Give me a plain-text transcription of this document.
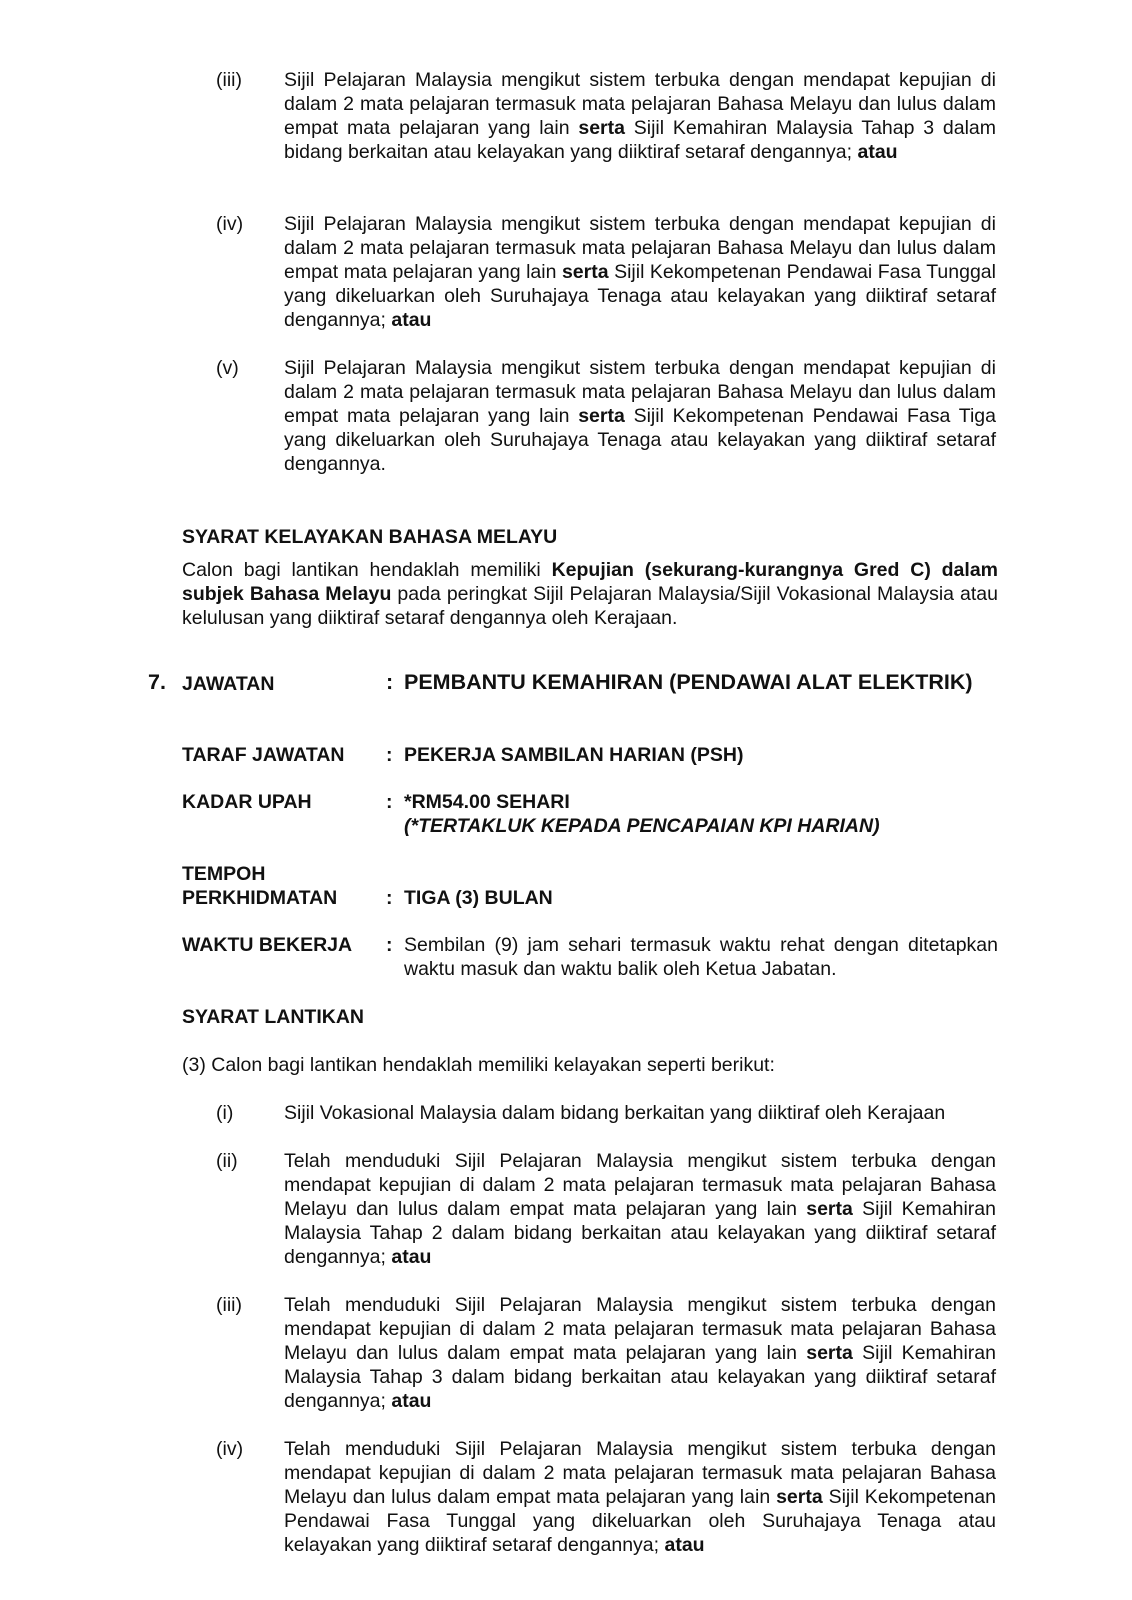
(iii) Sijil Pelajaran Malaysia mengikut sistem terbuka dengan mendapat kepujian di dalam 2 mata pelajaran termasuk mata pelajaran Bahasa Melayu dan lulus dalam empat mata pelajaran yang lain serta Sijil Kemahiran Malaysia Tahap 3 dalam bidang berkaitan atau kelayakan yang diiktiraf setaraf dengannya; atau

(iv) Sijil Pelajaran Malaysia mengikut sistem terbuka dengan mendapat kepujian di dalam 2 mata pelajaran termasuk mata pelajaran Bahasa Melayu dan lulus dalam empat mata pelajaran yang lain serta Sijil Kekompetenan Pendawai Fasa Tunggal yang dikeluarkan oleh Suruhajaya Tenaga atau kelayakan yang diiktiraf setaraf dengannya; atau

(v) Sijil Pelajaran Malaysia mengikut sistem terbuka dengan mendapat kepujian di dalam 2 mata pelajaran termasuk mata pelajaran Bahasa Melayu dan lulus dalam empat mata pelajaran yang lain serta Sijil Kekompetenan Pendawai Fasa Tiga yang dikeluarkan oleh Suruhajaya Tenaga atau kelayakan yang diiktiraf setaraf dengannya.

SYARAT KELAYAKAN BAHASA MELAYU

Calon bagi lantikan hendaklah memiliki Kepujian (sekurang-kurangnya Gred C) dalam subjek Bahasa Melayu pada peringkat Sijil Pelajaran Malaysia/Sijil Vokasional Malaysia atau kelulusan yang diiktiraf setaraf dengannya oleh Kerajaan.

7. JAWATAN	: PEMBANTU KEMAHIRAN (PENDAWAI ALAT ELEKTRIK)
TARAF JAWATAN : PEKERJA SAMBILAN HARIAN (PSH)
KADAR UPAH	: *RM54.00 SEHARI
(*TERTAKLUK KEPADA PENCAPAIAN KPI HARIAN)
TEMPOH
PERKHIDMATAN : TIGA (3) BULAN
WAKTU BEKERJA : Sembilan (9) jam sehari termasuk waktu rehat dengan ditetapkan waktu masuk dan waktu balik oleh Ketua Jabatan.

SYARAT LANTIKAN

(3) Calon bagi lantikan hendaklah memiliki kelayakan seperti berikut:

(i)	Sijil Vokasional Malaysia dalam bidang berkaitan yang diiktiraf oleh Kerajaan

(ii) Telah menduduki Sijil Pelajaran Malaysia mengikut sistem terbuka dengan mendapat kepujian di dalam 2 mata pelajaran termasuk mata pelajaran Bahasa Melayu dan lulus dalam empat mata pelajaran yang lain serta Sijil Kemahiran Malaysia Tahap 2 dalam bidang berkaitan atau kelayakan yang diiktiraf setaraf dengannya; atau

(iii) Telah menduduki Sijil Pelajaran Malaysia mengikut sistem terbuka dengan mendapat kepujian di dalam 2 mata pelajaran termasuk mata pelajaran Bahasa Melayu dan lulus dalam empat mata pelajaran yang lain serta Sijil Kemahiran Malaysia Tahap 3 dalam bidang berkaitan atau kelayakan yang diiktiraf setaraf dengannya; atau

(iv) Telah menduduki Sijil Pelajaran Malaysia mengikut sistem terbuka dengan mendapat kepujian di dalam 2 mata pelajaran termasuk mata pelajaran Bahasa Melayu dan lulus dalam empat mata pelajaran yang lain serta Sijil Kekompetenan Pendawai Fasa Tunggal yang dikeluarkan oleh Suruhajaya Tenaga atau kelayakan yang diiktiraf setaraf dengannya; atau
